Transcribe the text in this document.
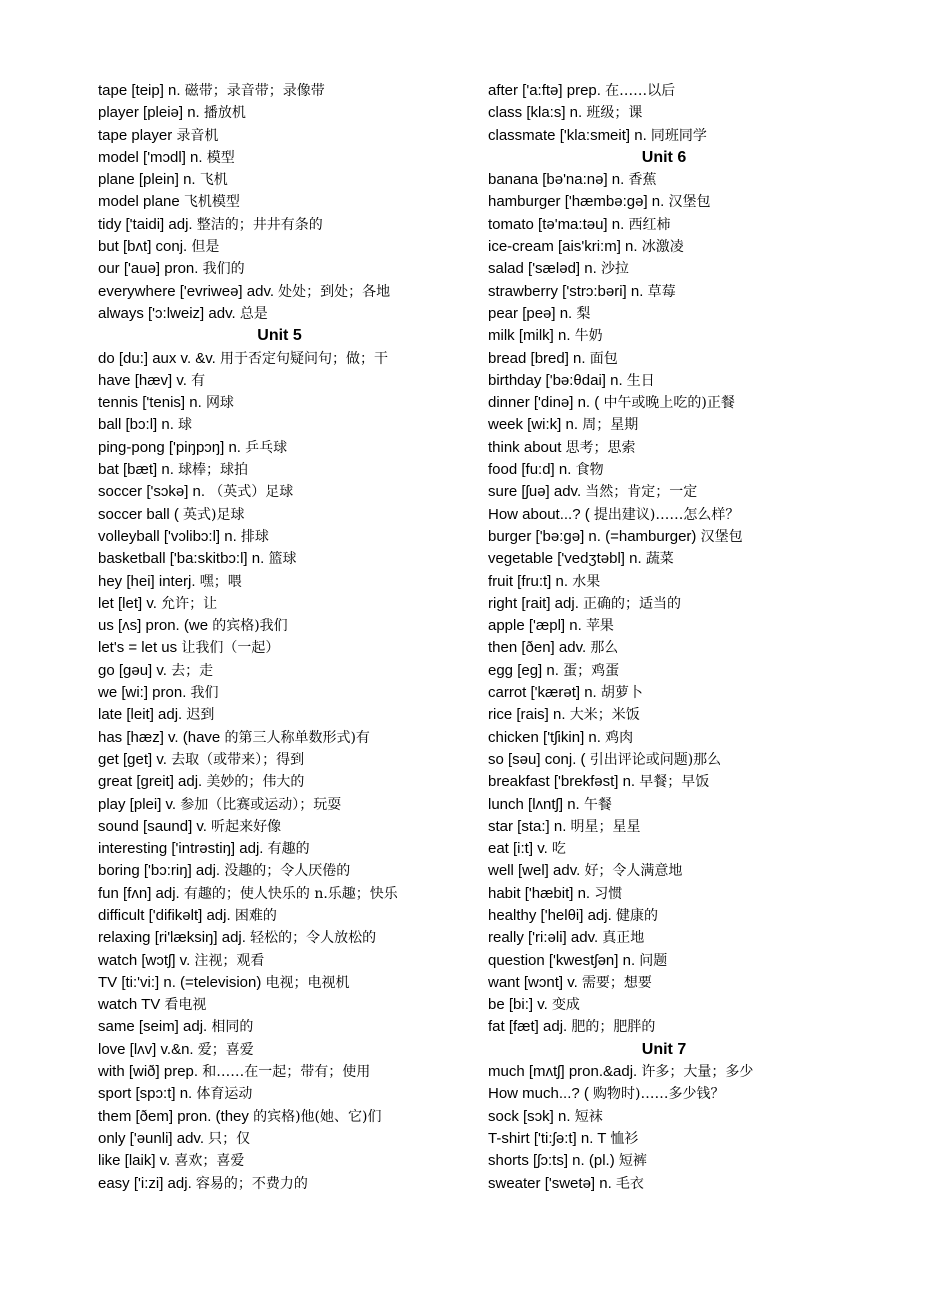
tape [teip] n. 磁带；录音带；录像带
player [pleiə] n. 播放机
tape player 录音机
model ['mɔdl] n. 模型
plane [plein] n. 飞机
model plane 飞机模型
tidy ['taidi] adj. 整洁的；井井有条的
but [bʌt] conj. 但是
our ['auə] pron. 我们的
everywhere ['evriweə] adv. 处处；到处；各地
always ['ɔ:lweiz] adv. 总是
Unit 5
do [du:] aux v. &v. 用于否定句疑问句；做；干
have [hæv] v. 有
tennis ['tenis] n. 网球
ball [bɔ:l] n. 球
ping-pong ['piŋpɔŋ] n. 乒乓球
bat [bæt] n. 球棒；球拍
soccer ['sɔkə] n. （英式）足球
soccer ball ( 英式)足球
volleyball ['vɔlibɔ:l] n. 排球
basketball ['ba:skitbɔ:l] n. 篮球
hey [hei] interj. 嘿；喂
let [let] v. 允许；让
us [ʌs] pron. (we 的宾格)我们
let's = let us 让我们（一起）
go [gəu] v. 去；走
we [wi:] pron. 我们
late [leit] adj. 迟到
has [hæz] v. (have 的第三人称单数形式)有
get [get] v. 去取（或带来）；得到
great [greit] adj. 美妙的；伟大的
play [plei] v. 参加（比赛或运动）；玩耍
sound [saund] v. 听起来好像
interesting ['intrəstiŋ] adj. 有趣的
boring ['bɔ:riŋ] adj. 没趣的；令人厌倦的
fun [fʌn] adj. 有趣的；使人快乐的 n.乐趣；快乐
difficult ['difikəlt] adj. 困难的
relaxing [ri'læksiŋ] adj. 轻松的；令人放松的
watch [wɔtʃ] v. 注视；观看
TV [ti:'vi:] n. (=television) 电视；电视机
watch TV 看电视
same [seim] adj. 相同的
love [lʌv] v.&n. 爱；喜爱
with [wið] prep. 和……在一起；带有；使用
sport [spɔ:t] n. 体育运动
them [ðem] pron. (they 的宾格)他(她、它)们
only ['əunli] adv. 只；仅
like [laik] v. 喜欢；喜爱
easy ['i:zi] adj. 容易的；不费力的
after ['a:ftə] prep. 在……以后
class [kla:s] n. 班级；课
classmate ['kla:smeit] n. 同班同学
Unit 6
banana [bə'na:nə] n. 香蕉
hamburger ['hæmbə:gə] n. 汉堡包
tomato [tə'ma:təu] n. 西红柿
ice-cream [ais'kri:m] n. 冰激凌
salad ['sæləd] n. 沙拉
strawberry ['strɔ:bəri] n. 草莓
pear [peə] n. 梨
milk [milk] n. 牛奶
bread [bred] n. 面包
birthday ['bə:θdai] n. 生日
dinner ['dinə] n. ( 中午或晚上吃的)正餐
week [wi:k] n. 周；星期
think about 思考；思索
food [fu:d] n. 食物
sure [ʃuə] adv. 当然；肯定；一定
How about...? ( 提出建议)……怎么样？
burger ['bə:gə] n. (=hamburger) 汉堡包
vegetable ['vedʒtəbl] n. 蔬菜
fruit [fru:t] n. 水果
right [rait] adj. 正确的；适当的
apple ['æpl] n. 苹果
then [ðen] adv. 那么
egg [eg] n. 蛋；鸡蛋
carrot ['kærət] n. 胡萝卜
rice [rais] n. 大米；米饭
chicken ['tʃikin] n. 鸡肉
so [səu] conj. ( 引出评论或问题)那么
breakfast ['brekfəst] n. 早餐；早饭
lunch [lʌntʃ] n. 午餐
star [sta:] n. 明星；星星
eat [i:t] v. 吃
well [wel] adv. 好；令人满意地
habit ['hæbit] n. 习惯
healthy ['helθi] adj. 健康的
really ['ri:əli] adv. 真正地
question ['kwestʃən] n. 问题
want [wɔnt] v. 需要；想要
be [bi:] v. 变成
fat [fæt] adj. 肥的；肥胖的
Unit 7
much [mʌtʃ] pron.&adj. 许多；大量；多少
How much...? ( 购物时)……多少钱？
sock [sɔk] n. 短袜
T-shirt ['ti:ʃə:t] n. T 恤衫
shorts [ʃɔ:ts] n. (pl.) 短裤
sweater ['swetə] n. 毛衣
